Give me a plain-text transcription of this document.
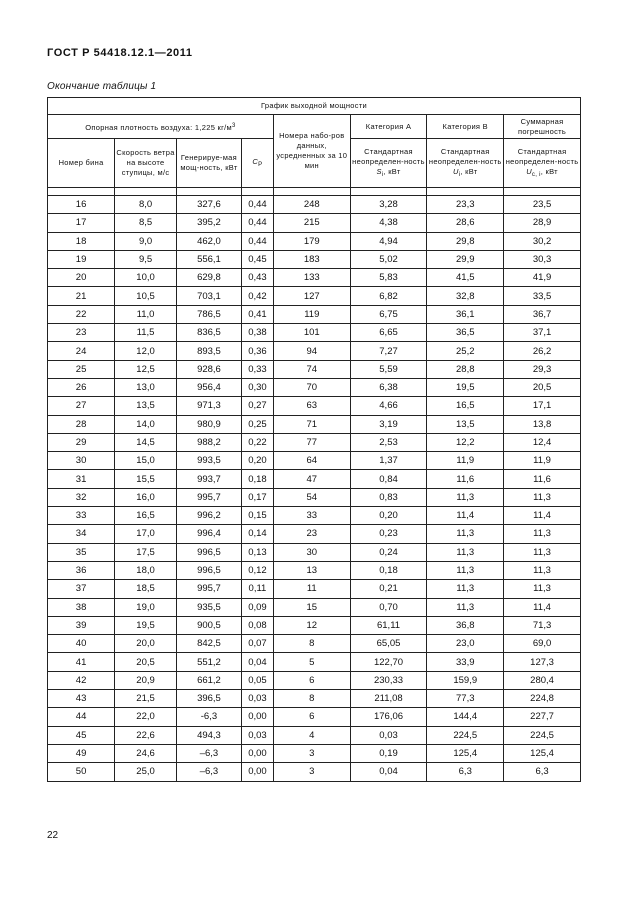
ГОСТ Р 54418.12.1—2011
Окончание таблицы 1
График выходной мощности							
Опорная плотность воздуха: 1,225 $кг/м^3$				Номера набо-ров данных, усредненных за 10 мин	Категория А	Категория В	Суммарная погрешность
Номер бина	Скорость ветра на высоте ступицы, м/с	Генерируе-мая мощ-ность, кВт	$C_P$		Стандартная неопределен-ность $S_i$, кВт	Стандартная неопределен-ность $U_i$, кВт	Стандартная неопределен-ность $U_{c, i}$, кВт

16	8,0	327,6	0,44	248	3,28	23,3	23,5
17	8,5	395,2	0,44	215	4,38	28,6	28,9
18	9,0	462,0	0,44	179	4,94	29,8	30,2
19	9,5	556,1	0,45	183	5,02	29,9	30,3
20	10,0	629,8	0,43	133	5,83	41,5	41,9
21	10,5	703,1	0,42	127	6,82	32,8	33,5
22	11,0	786,5	0,41	119	6,75	36,1	36,7
23	11,5	836,5	0,38	101	6,65	36,5	37,1
24	12,0	893,5	0,36	94	7,27	25,2	26,2
25	12,5	928,6	0,33	74	5,59	28,8	29,3
26	13,0	956,4	0,30	70	6,38	19,5	20,5
27	13,5	971,3	0,27	63	4,66	16,5	17,1
28	14,0	980,9	0,25	71	3,19	13,5	13,8
29	14,5	988,2	0,22	77	2,53	12,2	12,4
30	15,0	993,5	0,20	64	1,37	11,9	11,9
31	15,5	993,7	0,18	47	0,84	11,6	11,6
32	16,0	995,7	0,17	54	0,83	11,3	11,3
33	16,5	996,2	0,15	33	0,20	11,4	11,4
34	17,0	996,4	0,14	23	0,23	11,3	11,3
35	17,5	996,5	0,13	30	0,24	11,3	11,3
36	18,0	996,5	0,12	13	0,18	11,3	11,3
37	18,5	995,7	0,11	11	0,21	11,3	11,3
38	19,0	935,5	0,09	15	0,70	11,3	11,4
39	19,5	900,5	0,08	12	61,11	36,8	71,3
40	20,0	842,5	0,07	8	65,05	23,0	69,0
41	20,5	551,2	0,04	5	122,70	33,9	127,3
42	20,9	661,2	0,05	6	230,33	159,9	280,4
43	21,5	396,5	0,03	8	211,08	77,3	224,8
44	22,0	-6,3	0,00	6	176,06	144,4	227,7
45	22,6	494,3	0,03	4	0,03	224,5	224,5
49	24,6	–6,3	0,00	3	0,19	125,4	125,4
50	25,0	–6,3	0,00	3	0,04	6,3	6,3
22
